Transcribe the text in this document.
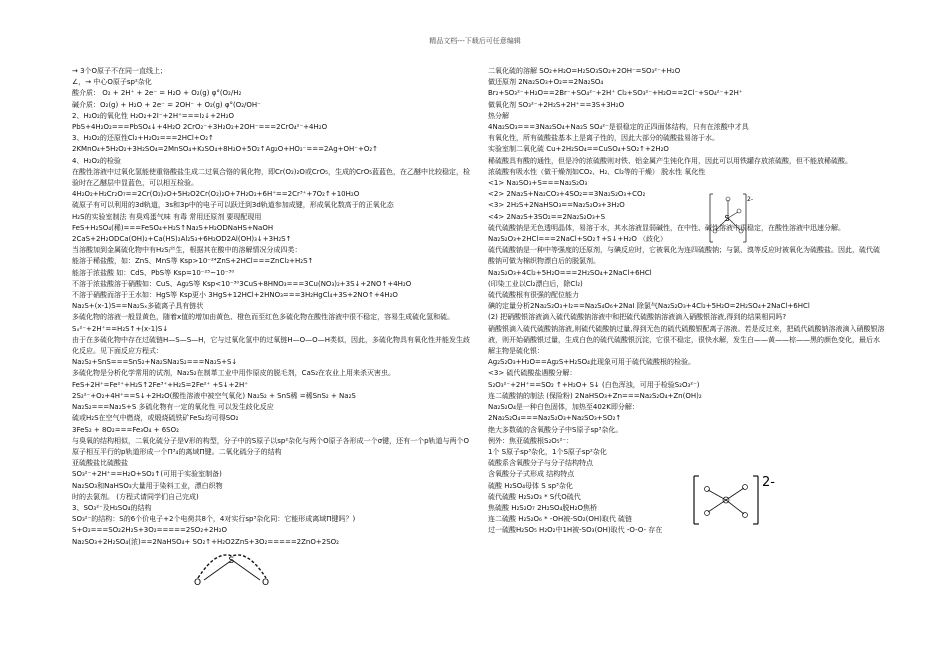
精品文档---下载后可任意编辑
→ 3个O原子不在同一直线上；
∠，→ 中心O原子sp²杂化
酸介质： O₂ + 2H⁺ + 2e⁻ = H₂O + O₂(g) φ°(O₂/H₂
碱介质：O₂(g) + H₂O + 2e⁻ = 2OH⁻ + O₂(g) φ°(O₂/OH⁻
2、H₂O₂的氧化性 H₂O₂+2I⁻+2H⁺===I₂↓+2H₂O
PbS+4H₂O₂===PbSO₄↓+4H₂O 2CrO₂⁻+3H₂O₂+2OH⁻===2CrO₄²⁻+4H₂O
3、H₂O₂的还原性Cl₂+H₂O₂===2HCl+O₂↑
2KMnO₄+5H₂O₂+3H₂SO₄=2MnSO₄+K₂SO₄+8H₂O+5O₂↑Ag₂O+HO₂⁻===2Ag+OH⁻+O₂↑
4、H₂O₂的检验
在酸性溶液中过氧化氢能使重铬酸盐生成二过氧合铬的氧化物，即Cr(O₂)₂O或CrO₅，生成的CrO₅蓝蓝色，在乙醚中比较稳定，检验时在乙醚层中显蓝色，可以相互检验。
4H₂O₂+H₂Cr₂O₇==2Cr(O₂)₂O+5H₂O2Cr(O₂)₂O+7H₂O₂+6H⁺==2Cr³⁺+7O₂↑+10H₂O
硫原子有可以利用的3d轨道，3s和3p中的电子可以跃迁到3d轨道参加成键，形成氧化数高于的正氧化态
H₂S的实验室制法 有臭鸡蛋气味 有毒 常用还原剂 要现配现用
FeS+H₂SO₄(稀)===FeSO₄+H₂S↑Na₂S+H₂ODNaHS+NaOH
2CaS+2H₂ODCa(OH)₂+Ca(HS)₂Al₂S₃+6H₂OD2Al(OH)₃↓+3H₂S↑
当溶酸加到金属硫化物中有H₂S产生，根据其在酸中的溶解情况分成四类：
能溶于稀盐酸，如：ZnS、MnS等 Ksp>10⁻²⁴ZnS+2HCl===ZnCl₂+H₂S↑
能溶于浓盐酸 如：CdS、PbS等 Ksp=10⁻²⁵~10⁻³⁰
不溶于浓盐酸溶于硝酸如：CuS、Ag₂S等 Ksp<10⁻³⁰3CuS+8HNO₃===3Cu(NO₃)₂+3S↓+2NO↑+4H₂O
不溶于硝酸而溶于王水如：HgS等 Ksp更小 3HgS+12HCl+2HNO₃===3H₂HgCl₄+3S+2NO↑+4H₂O
Na₂S+(x-1)S==Na₂Sₓ多硫离子具有链状
多硫化物的溶液一般显黄色，随着x值的增加由黄色、橙色而至红色多硫化物在酸性溶液中很不稳定，容易生成硫化氢和硫。
Sₓ²⁻+2H⁺==H₂S↑+(x-1)S↓
由于在多硫化物中存在过硫链H—S—S—H，它与过氧化氢中的过氧链H—O—O—H类似，因此，多硫化物具有氧化性并能发生歧化反应。见下面反应方程式：
Na₂S₂+SnS===SnS₂+Na₂SNa₂S₂===Na₂S+S↓
多硫化物是分析化学常用的试剂，Na₂S₂在制革工业中用作原皮的脱毛剂，CaS₂在农业上用来杀灭害虫。
FeS+2H⁺=Fe²⁺+H₂S↑2Fe³⁺+H₂S=2Fe²⁺ +S↓+2H⁺
2S₂²⁻+O₂+4H⁺==S↓+2H₂O(酸性溶液中被空气氧化) Na₂S₂ + SnS稀 =稀SnS₂ + Na₂S
Na₂S₂===Na₂S+S 多硫化物有一定的氧化性 可以发生歧化反应
硫或H₂S在空气中燃烧，或煅烧硫铁矿FeS₂均可得SO₂
3FeS₂ + 8O₂===Fe₃O₄ + 6SO₂
与臭氧的结构相似，二氧化硫分子是V形的构型，分子中的S原子以sp²杂化与两个O原子各形成一个σ键，还有一个p轨道与两个O原子相互平行的p轨道形成一个Π³₄的离域Π键。二氧化硫分子的结构
亚硫酸盐比硫酸盐
SO₃²⁻+2H⁺==H₂O+SO₂↑(可用于实验室制备)
Na₂SO₃和NaHSO₃大量用于染料工业，漂白织物
时的去氯剂。 (方程式请同学们自己完成)
3、SO₃²⁻及H₂SO₄的结构
SO₃²⁻的结构：S的6个价电子+2个电荷共8个，4对实行sp³杂化同：它能形成离域Π键吗？)
S+O₂===SO₂2H₂S+3O₂=====2SO₂+2H₂O
Na₂SO₃+2H₂SO₄(浓)==2NaHSO₄+ SO₂↑+H₂O2ZnS+3O₂=====2ZnO+2SO₂
二氧化硫的溶解 SO₂+H₂O=H₂SO₃SO₂+2OH⁻=SO₃²⁻+H₂O
做还原剂 2Na₂SO₃+O₂==2Na₂SO₄
Br₂+SO₃²⁻+H₂O==2Br⁻+SO₄²⁻+2H⁺ Cl₂+SO₃²⁻+H₂O==2Cl⁻+SO₄²⁻+2H⁺
做氧化剂 SO₃²⁻+2H₂S+2H⁺==3S+3H₂O
热分解
4Na₂SO₃===3Na₂SO₄+Na₂S SO₄²⁻是很稳定的正四面体结构，只有在浓酸中才具
有氧化性，所有硫酸盐基本上是离子性的，因此大部分的硫酸盐易溶于水。
实验室制二氧化硫 Cu+2H₂SO₄==CuSO₄+SO₂↑+2H₂O
稀硫酸具有酸的通性，但是冷的浓硫酸则对铁、铝金属产生钝化作用，因此可以用铁罐存放浓硫酸，但不能放稀硫酸。
浓硫酸有吸水性（做干燥剂如CO₂、H₂、Cl₂等的干燥） 脱水性 氧化性
<1> Na₂SO₃+S===Na₂S₂O₃
<2> 2Na₂S+Na₂CO₃+4SO₂==3Na₂S₂O₃+CO₂
<3> 2H₂S+2NaHSO₃==Na₂S₂O₃+3H₂O
<4> 2Na₂S+3SO₂==2Na₂S₂O₃+S
硫代硫酸钠是无色透明晶体，易溶于水，其水溶液显弱碱性，在中性、碱性溶液中很稳定，在酸性溶液中迅速分解。
Na₂S₂O₃+2HCl===2NaCl+SO₂↑+S↓+H₂O （歧化）
硫代硫酸钠是一种中等强度的还原剂，与碘反应时，它被氧化为连四硫酸钠；与氯、溴等反应时被氧化为硫酸盐。因此，硫代硫酸钠可做为棉织物漂白后的脱氯剂。
Na₂S₂O₃+4Cl₂+5H₂O===2H₂SO₄+2NaCl+6HCl
(印染工业以Cl₂漂白后，除Cl₂)
硫代硫酸根有很强的配位能力
碘的定量分析2Na₂S₂O₃+I₂==Na₂S₄O₆+2NaI 除氯气Na₂S₂O₃+4Cl₂+5H₂O=2H₂SO₄+2NaCl+6HCl
(2) 把硝酸银溶液滴入硫代硫酸钠溶液中和把硫代硫酸钠溶液滴入硝酸银溶液,得到的结果相同吗?
硝酸银滴入硫代硫酸钠溶液,则硫代硫酸钠过量,得到无色的硫代硫酸银配离子溶液。若是反过来，把硫代硫酸钠溶液滴入硝酸银溶液，则开始硝酸银过量，生成白色的硫代硫酸银沉淀，它很不稳定，很快水解，发生白——黄——棕——黑的颜色变化，最后水解主物是硫化银：
Ag₂S₂O₃+H₂O==Ag₂S+H₂SO₄此现象可用于硫代硫酸根的检验。
<3> 硫代硫酸盐遇酸分解：
S₂O₃²⁻+2H⁺==SO₂ ↑+H₂O+ S↓ (白色浑浊，可用于检验S₂O₃²⁻)
连二硫酸钠的制法 (保险粉) 2NaHSO₃+Zn===Na₂S₂O₄+Zn(OH)₂
Na₂S₂O₄是一种白色固体，加热至402K即分解：
2Na₂S₂O₄===Na₂S₂O₃+Na₂SO₃+SO₂↑
绝大多数硫的含氧酸分子中S原子sp³杂化。
例外：焦亚硫酸根S₂O₅²⁻：
1个 S原子sp³杂化，1个S原子sp²杂化
硫酸系含氧酸分子与分子结构特点
含氧酸分子式形成 结构特点
硫酸 H₂SO₄母体 S sp³杂化
硫代硫酸 H₂S₂O₃ * S代O硫代
焦硫酸 H₂S₂O₇ 2H₂SO₄脱H₂O焦桥
连二硫酸 H₂S₂O₆ * -OH被-SO₂(OH)取代 硫链
过一硫酸H₂SO₅ H₂O₂中1H被-SO₃(OH)取代 -O-O- 存在
S
2-
2-
S
O	O
